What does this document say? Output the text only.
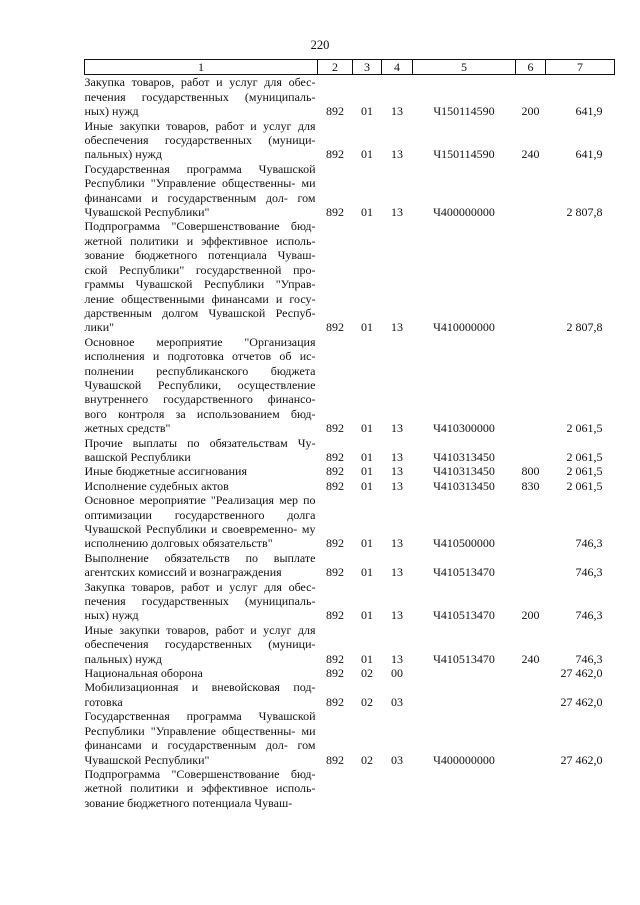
220
1	2	3	4	5	6	7
Закупка товаров, работ и услуг для обес- печения государственных (муниципаль- ных) нужд	892	01	13	Ч150114590	200	641,9
Иные закупки товаров, работ и услуг для обеспечения государственных (муници- пальных) нужд	892	01	13	Ч150114590	240	641,9
Государственная программа Чувашской Республики "Управление общественны- ми финансами и государственным дол- гом Чувашской Республики"	892	01	13	Ч400000000		2 807,8
Подпрограмма "Совершенствование бюд- жетной политики и эффективное исполь- зование бюджетного потенциала Чуваш- ской Республики" государственной про- граммы Чувашской Республики "Управ- ление общественными финансами и госу- дарственным долгом Чувашской Респуб- лики"	892	01	13	Ч410000000		2 807,8
Основное мероприятие "Организация исполнения и подготовка отчетов об ис- полнении республиканского бюджета Чувашской Республики, осуществление внутреннего государственного финансо- вого контроля за использованием бюд- жетных средств"	892	01	13	Ч410300000		2 061,5
Прочие выплаты по обязательствам Чу- вашской Республики	892	01	13	Ч410313450		2 061,5
Иные бюджетные ассигнования	892	01	13	Ч410313450	800	2 061,5
Исполнение судебных актов	892	01	13	Ч410313450	830	2 061,5
Основное мероприятие "Реализация мер по оптимизации государственного долга Чувашской Республики и своевременно- му исполнению долговых обязательств"	892	01	13	Ч410500000		746,3
Выполнение обязательств по выплате агентских комиссий и вознаграждения	892	01	13	Ч410513470		746,3
Закупка товаров, работ и услуг для обес- печения государственных (муниципаль- ных) нужд	892	01	13	Ч410513470	200	746,3
Иные закупки товаров, работ и услуг для обеспечения государственных (муници- пальных) нужд	892	01	13	Ч410513470	240	746,3
Национальная оборона	892	02	00			27 462,0
Мобилизационная и вневойсковая под- готовка	892	02	03			27 462,0
Государственная программа Чувашской Республики "Управление общественны- ми финансами и государственным дол- гом Чувашской Республики"	892	02	03	Ч400000000		27 462,0
Подпрограмма "Совершенствование бюд- жетной политики и эффективное исполь- зование бюджетного потенциала Чуваш-						
